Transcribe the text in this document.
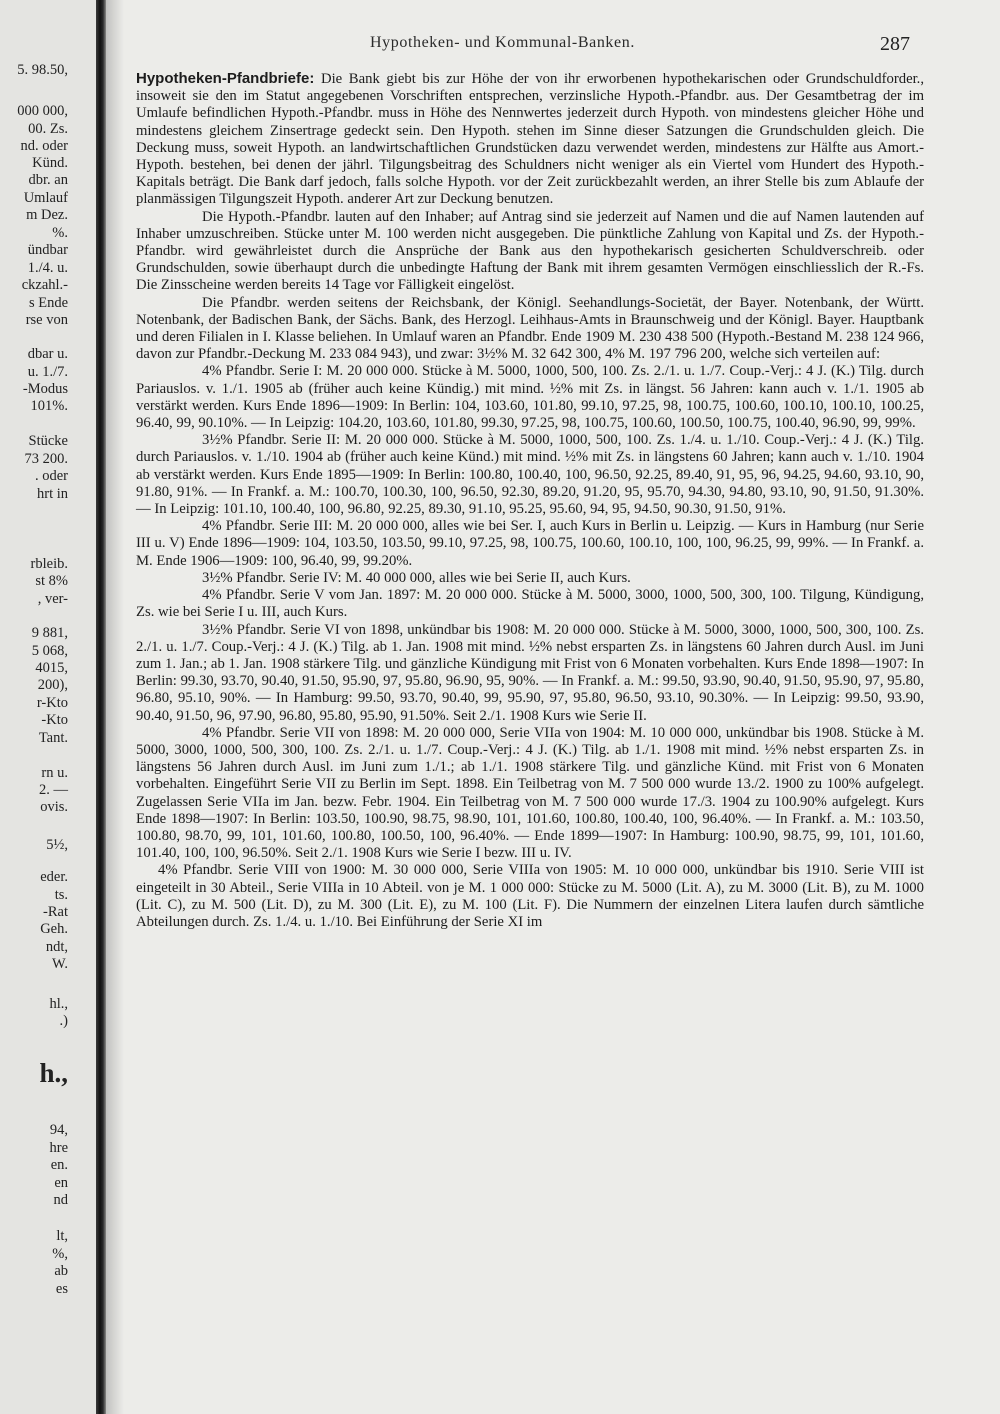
5. 98.50,
000 000,
00. Zs.
nd. oder
Künd.
dbr. an
Umlauf
m Dez.
%.
ündbar
1./4. u.
ckzahl.-
s Ende
rse von
dbar u.
u. 1./7.
-Modus
101%.
Stücke
73 200.
. oder
hrt in
rbleib.
st 8%
, ver-
9 881,
5 068,
4015,
200),
r-Kto
-Kto
Tant.
rn u.
2. —
ovis.
5½,
eder.
ts.
-Rat
Geh.
ndt,
W.
hl.,
.)
h.,
94,
hre
en.
en
nd
lt,
%,
ab
es
Hypotheken- und Kommunal-Banken.	287

Hypotheken-Pfandbriefe: Die Bank giebt bis zur Höhe der von ihr erworbenen hypothekarischen oder Grundschuldforder., insoweit sie den im Statut angegebenen Vorschriften entsprechen, verzinsliche Hypoth.-Pfandbr. aus. Der Gesamtbetrag der im Umlaufe befindlichen Hypoth.-Pfandbr. muss in Höhe des Nennwertes jederzeit durch Hypoth. von mindestens gleicher Höhe und mindestens gleichem Zinsertrage gedeckt sein. Den Hypoth. stehen im Sinne dieser Satzungen die Grundschulden gleich. Die Deckung muss, soweit Hypoth. an landwirtschaftlichen Grundstücken dazu verwendet werden, mindestens zur Hälfte aus Amort.-Hypoth. bestehen, bei denen der jährl. Tilgungsbeitrag des Schuldners nicht weniger als ein Viertel vom Hundert des Hypoth.-Kapitals beträgt. Die Bank darf jedoch, falls solche Hypoth. vor der Zeit zurückbezahlt werden, an ihrer Stelle bis zum Ablaufe der planmässigen Tilgungszeit Hypoth. anderer Art zur Deckung benutzen.

Die Hypoth.-Pfandbr. lauten auf den Inhaber; auf Antrag sind sie jederzeit auf Namen und die auf Namen lautenden auf Inhaber umzuschreiben. Stücke unter M. 100 werden nicht ausgegeben. Die pünktliche Zahlung von Kapital und Zs. der Hypoth.-Pfandbr. wird gewährleistet durch die Ansprüche der Bank aus den hypothekarisch gesicherten Schuldverschreib. oder Grundschulden, sowie überhaupt durch die unbedingte Haftung der Bank mit ihrem gesamten Vermögen einschliesslich der R.-Fs. Die Zinsscheine werden bereits 14 Tage vor Fälligkeit eingelöst.

Die Pfandbr. werden seitens der Reichsbank, der Königl. Seehandlungs-Societät, der Bayer. Notenbank, der Württ. Notenbank, der Badischen Bank, der Sächs. Bank, des Herzogl. Leihhaus-Amts in Braunschweig und der Königl. Bayer. Hauptbank und deren Filialen in I. Klasse beliehen. In Umlauf waren an Pfandbr. Ende 1909 M. 230 438 500 (Hypoth.-Bestand M. 238 124 966, davon zur Pfandbr.-Deckung M. 233 084 943), und zwar: 3½% M. 32 642 300, 4% M. 197 796 200, welche sich verteilen auf:

4% Pfandbr. Serie I: M. 20 000 000. Stücke à M. 5000, 1000, 500, 100. Zs. 2./1. u. 1./7. Coup.-Verj.: 4 J. (K.) Tilg. durch Pariauslos. v. 1./1. 1905 ab (früher auch keine Kündig.) mit mind. ½% mit Zs. in längst. 56 Jahren: kann auch v. 1./1. 1905 ab verstärkt werden. Kurs Ende 1896—1909: In Berlin: 104, 103.60, 101.80, 99.10, 97.25, 98, 100.75, 100.60, 100.10, 100.10, 100.25, 96.40, 99, 90.10%. — In Leipzig: 104.20, 103.60, 101.80, 99.30, 97.25, 98, 100.75, 100.60, 100.50, 100.75, 100.40, 96.90, 99, 99%.

3½% Pfandbr. Serie II: M. 20 000 000. Stücke à M. 5000, 1000, 500, 100. Zs. 1./4. u. 1./10. Coup.-Verj.: 4 J. (K.) Tilg. durch Pariauslos. v. 1./10. 1904 ab (früher auch keine Künd.) mit mind. ½% mit Zs. in längstens 60 Jahren; kann auch v. 1./10. 1904 ab verstärkt werden. Kurs Ende 1895—1909: In Berlin: 100.80, 100.40, 100, 96.50, 92.25, 89.40, 91, 95, 96, 94.25, 94.60, 93.10, 90, 91.80, 91%. — In Frankf. a. M.: 100.70, 100.30, 100, 96.50, 92.30, 89.20, 91.20, 95, 95.70, 94.30, 94.80, 93.10, 90, 91.50, 91.30%. — In Leipzig: 101.10, 100.40, 100, 96.80, 92.25, 89.30, 91.10, 95.25, 95.60, 94, 95, 94.50, 90.30, 91.50, 91%.

4% Pfandbr. Serie III: M. 20 000 000, alles wie bei Ser. I, auch Kurs in Berlin u. Leipzig. — Kurs in Hamburg (nur Serie III u. V) Ende 1896—1909: 104, 103.50, 103.50, 99.10, 97.25, 98, 100.75, 100.60, 100.10, 100, 100, 96.25, 99, 99%. — In Frankf. a. M. Ende 1906—1909: 100, 96.40, 99, 99.20%.

3½% Pfandbr. Serie IV: M. 40 000 000, alles wie bei Serie II, auch Kurs.

4% Pfandbr. Serie V vom Jan. 1897: M. 20 000 000. Stücke à M. 5000, 3000, 1000, 500, 300, 100. Tilgung, Kündigung, Zs. wie bei Serie I u. III, auch Kurs.

3½% Pfandbr. Serie VI von 1898, unkündbar bis 1908: M. 20 000 000. Stücke à M. 5000, 3000, 1000, 500, 300, 100. Zs. 2./1. u. 1./7. Coup.-Verj.: 4 J. (K.) Tilg. ab 1. Jan. 1908 mit mind. ½% nebst ersparten Zs. in längstens 60 Jahren durch Ausl. im Juni zum 1. Jan.; ab 1. Jan. 1908 stärkere Tilg. und gänzliche Kündigung mit Frist von 6 Monaten vorbehalten. Kurs Ende 1898—1907: In Berlin: 99.30, 93.70, 90.40, 91.50, 95.90, 97, 95.80, 96.90, 95, 90%. — In Frankf. a. M.: 99.50, 93.90, 90.40, 91.50, 95.90, 97, 95.80, 96.80, 95.10, 90%. — In Hamburg: 99.50, 93.70, 90.40, 99, 95.90, 97, 95.80, 96.50, 93.10, 90.30%. — In Leipzig: 99.50, 93.90, 90.40, 91.50, 96, 97.90, 96.80, 95.80, 95.90, 91.50%. Seit 2./1. 1908 Kurs wie Serie II.

4% Pfandbr. Serie VII von 1898: M. 20 000 000, Serie VIIa von 1904: M. 10 000 000, unkündbar bis 1908. Stücke à M. 5000, 3000, 1000, 500, 300, 100. Zs. 2./1. u. 1./7. Coup.-Verj.: 4 J. (K.) Tilg. ab 1./1. 1908 mit mind. ½% nebst ersparten Zs. in längstens 56 Jahren durch Ausl. im Juni zum 1./1.; ab 1./1. 1908 stärkere Tilg. und gänzliche Künd. mit Frist von 6 Monaten vorbehalten. Eingeführt Serie VII zu Berlin im Sept. 1898. Ein Teilbetrag von M. 7 500 000 wurde 13./2. 1900 zu 100% aufgelegt. Zugelassen Serie VIIa im Jan. bezw. Febr. 1904. Ein Teilbetrag von M. 7 500 000 wurde 17./3. 1904 zu 100.90% aufgelegt. Kurs Ende 1898—1907: In Berlin: 103.50, 100.90, 98.75, 98.90, 101, 101.60, 100.80, 100.40, 100, 96.40%. — In Frankf. a. M.: 103.50, 100.80, 98.70, 99, 101, 101.60, 100.80, 100.50, 100, 96.40%. — Ende 1899—1907: In Hamburg: 100.90, 98.75, 99, 101, 101.60, 101.40, 100, 100, 96.50%. Seit 2./1. 1908 Kurs wie Serie I bezw. III u. IV.

4% Pfandbr. Serie VIII von 1900: M. 30 000 000, Serie VIIIa von 1905: M. 10 000 000, unkündbar bis 1910. Serie VIII ist eingeteilt in 30 Abteil., Serie VIIIa in 10 Abteil. von je M. 1 000 000: Stücke zu M. 5000 (Lit. A), zu M. 3000 (Lit. B), zu M. 1000 (Lit. C), zu M. 500 (Lit. D), zu M. 300 (Lit. E), zu M. 100 (Lit. F). Die Nummern der einzelnen Litera laufen durch sämtliche Abteilungen durch. Zs. 1./4. u. 1./10. Bei Einführung der Serie XI im
